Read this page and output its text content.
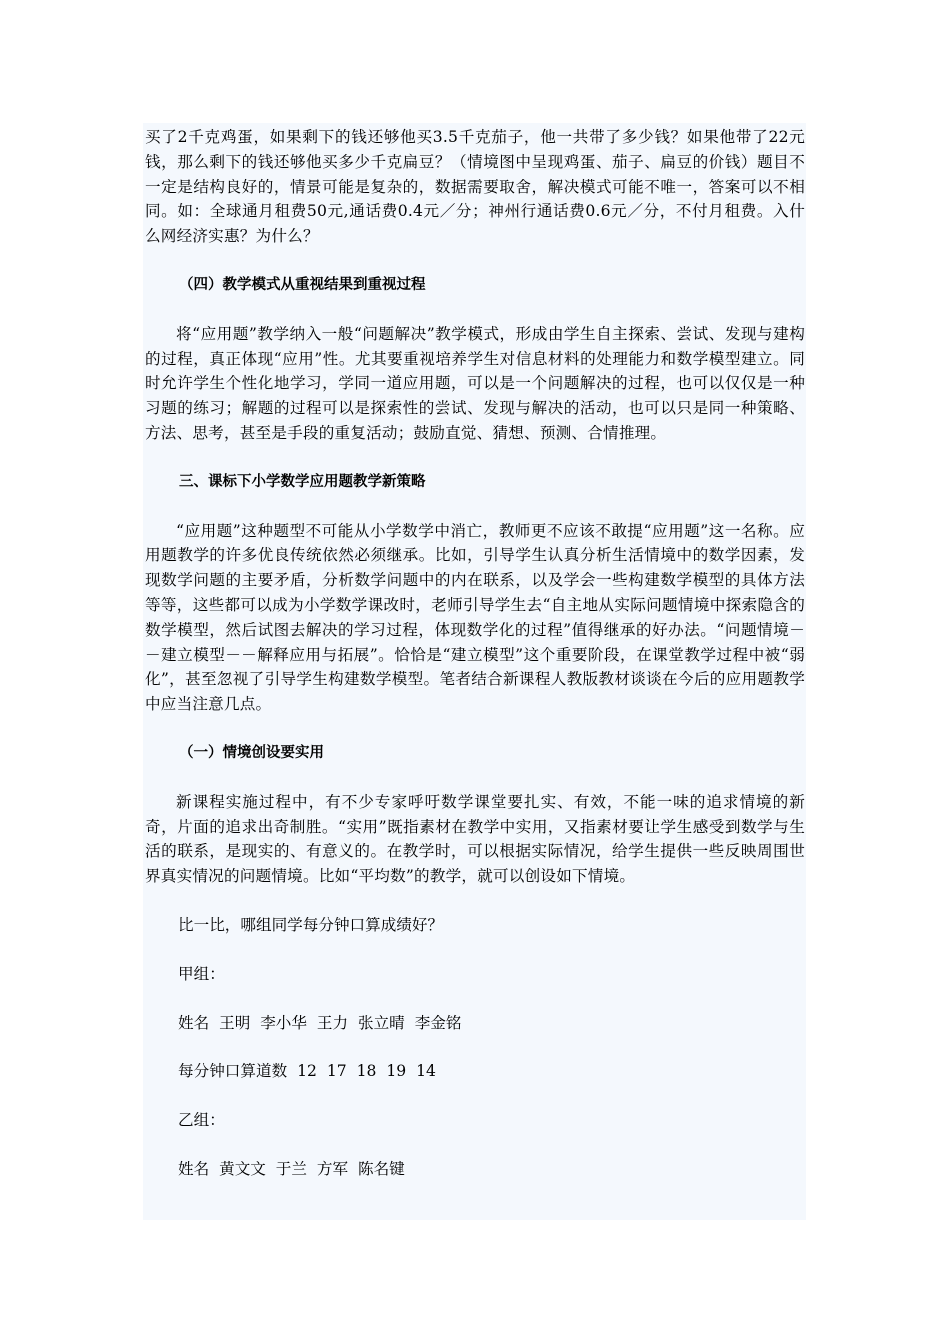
买了2千克鸡蛋，如果剩下的钱还够他买3.5千克茄子，他一共带了多少钱？如果他带了22元钱，那么剩下的钱还够他买多少千克扁豆？（情境图中呈现鸡蛋、茄子、扁豆的价钱）题目不一定是结构良好的，情景可能是复杂的，数据需要取舍，解决模式可能不唯一，答案可以不相同。如：全球通月租费50元,通话费0.4元／分；神州行通话费0.6元／分，不付月租费。入什么网经济实惠？为什么？

（四）教学模式从重视结果到重视过程

将“应用题”教学纳入一般“问题解决”教学模式，形成由学生自主探索、尝试、发现与建构的过程，真正体现“应用”性。尤其要重视培养学生对信息材料的处理能力和数学模型建立。同时允许学生个性化地学习，学同一道应用题，可以是一个问题解决的过程，也可以仅仅是一种习题的练习；解题的过程可以是探索性的尝试、发现与解决的活动，也可以只是同一种策略、方法、思考，甚至是手段的重复活动；鼓励直觉、猜想、预测、合情推理。

三、课标下小学数学应用题教学新策略

“应用题”这种题型不可能从小学数学中消亡，教师更不应该不敢提“应用题”这一名称。应用题教学的许多优良传统依然必须继承。比如，引导学生认真分析生活情境中的数学因素，发现数学问题的主要矛盾，分析数学问题中的内在联系，以及学会一些构建数学模型的具体方法等等，这些都可以成为小学数学课改时，老师引导学生去“自主地从实际问题情境中探索隐含的数学模型，然后试图去解决的学习过程，体现数学化的过程”值得继承的好办法。“问题情境－－建立模型－－解释应用与拓展”。恰恰是“建立模型”这个重要阶段，在课堂教学过程中被“弱化”，甚至忽视了引导学生构建数学模型。笔者结合新课程人教版教材谈谈在今后的应用题教学中应当注意几点。

（一）情境创设要实用

新课程实施过程中，有不少专家呼吁数学课堂要扎实、有效，不能一味的追求情境的新奇，片面的追求出奇制胜。“实用”既指素材在教学中实用，又指素材要让学生感受到数学与生活的联系，是现实的、有意义的。在教学时，可以根据实际情况，给学生提供一些反映周围世界真实情况的问题情境。比如“平均数”的教学，就可以创设如下情境。

比一比，哪组同学每分钟口算成绩好？

甲组：

姓名  王明  李小华  王力  张立晴  李金铭

每分钟口算道数  12  17  18  19  14

乙组：

姓名  黄文文  于兰  方军  陈名键
